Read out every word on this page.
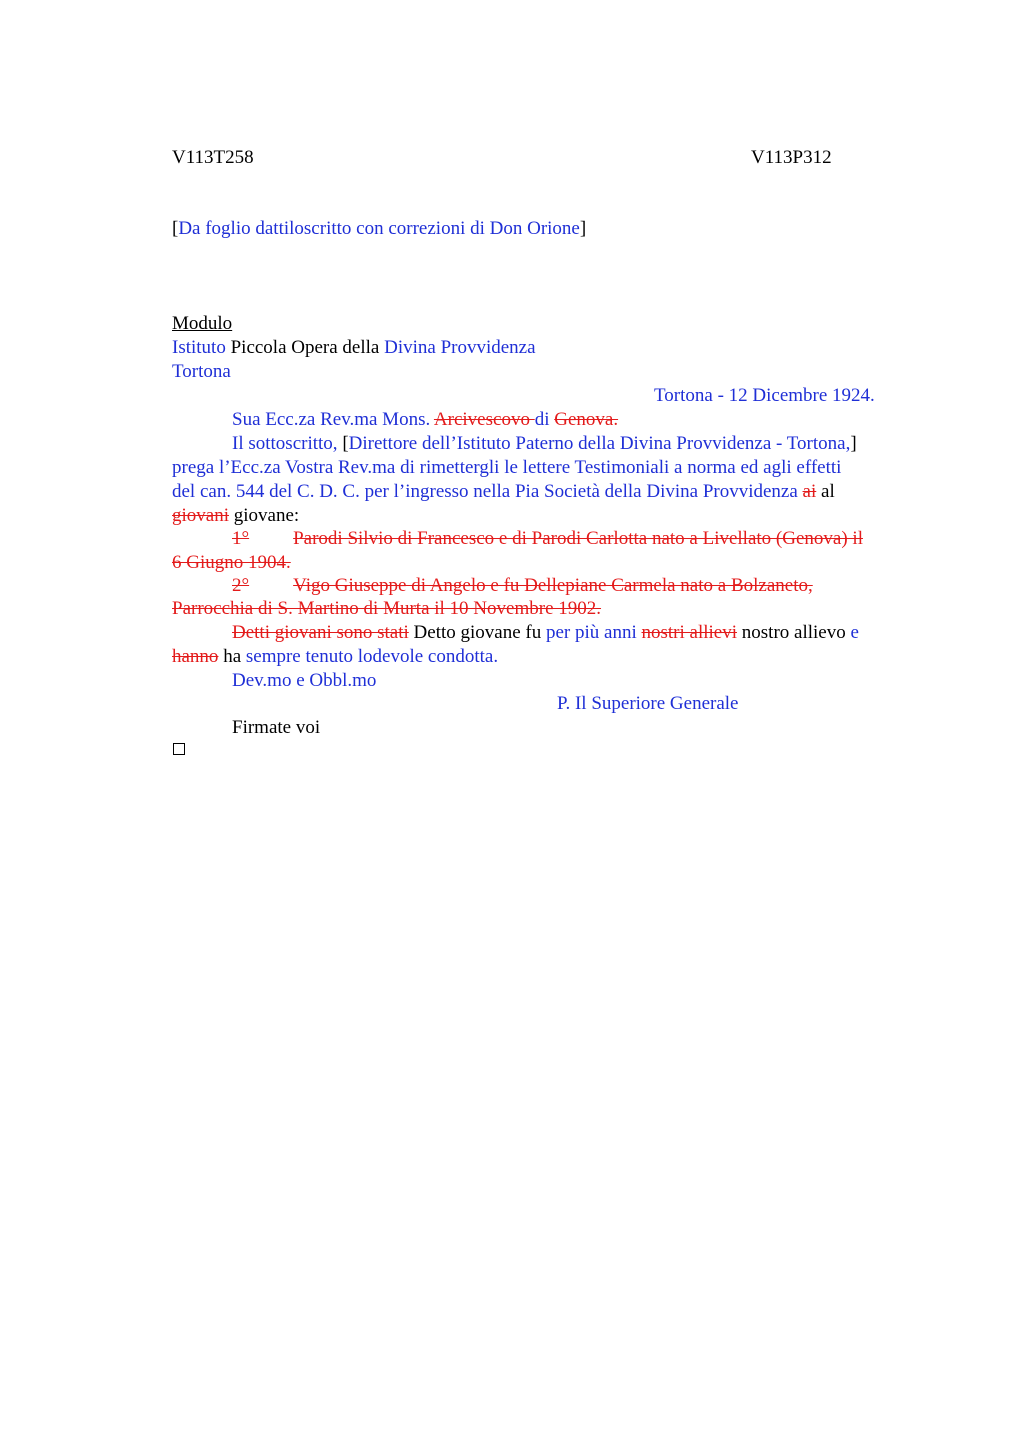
V113T258	V113P312
[Da foglio dattiloscritto con correzioni di Don Orione]
Modulo
Istituto Piccola Opera della Divina Provvidenza
Tortona
Tortona - 12 Dicembre 1924.
Sua Ecc.za Rev.ma Mons. Arcivescovo di Genova.
Il sottoscritto, [Direttore dell’Istituto Paterno della Divina Provvidenza - Tortona,]
prega l’Ecc.za Vostra Rev.ma di rimettergli le lettere Testimoniali a norma ed agli effetti
del can. 544 del C. D. C. per l’ingresso nella Pia Società della Divina Provvidenza ai al
giovani giovane:
1° Parodi Silvio di Francesco e di Parodi Carlotta nato a Livellato (Genova) il
6 Giugno 1904.
2° Vigo Giuseppe di Angelo e fu Dellepiane Carmela nato a Bolzaneto,
Parrocchia di S. Martino di Murta il 10 Novembre 1902.
Detti giovani sono stati Detto giovane fu per più anni nostri allievi nostro allievo e
hanno ha sempre tenuto lodevole condotta.
Dev.mo e Obbl.mo
P. Il Superiore Generale
Firmate voi
